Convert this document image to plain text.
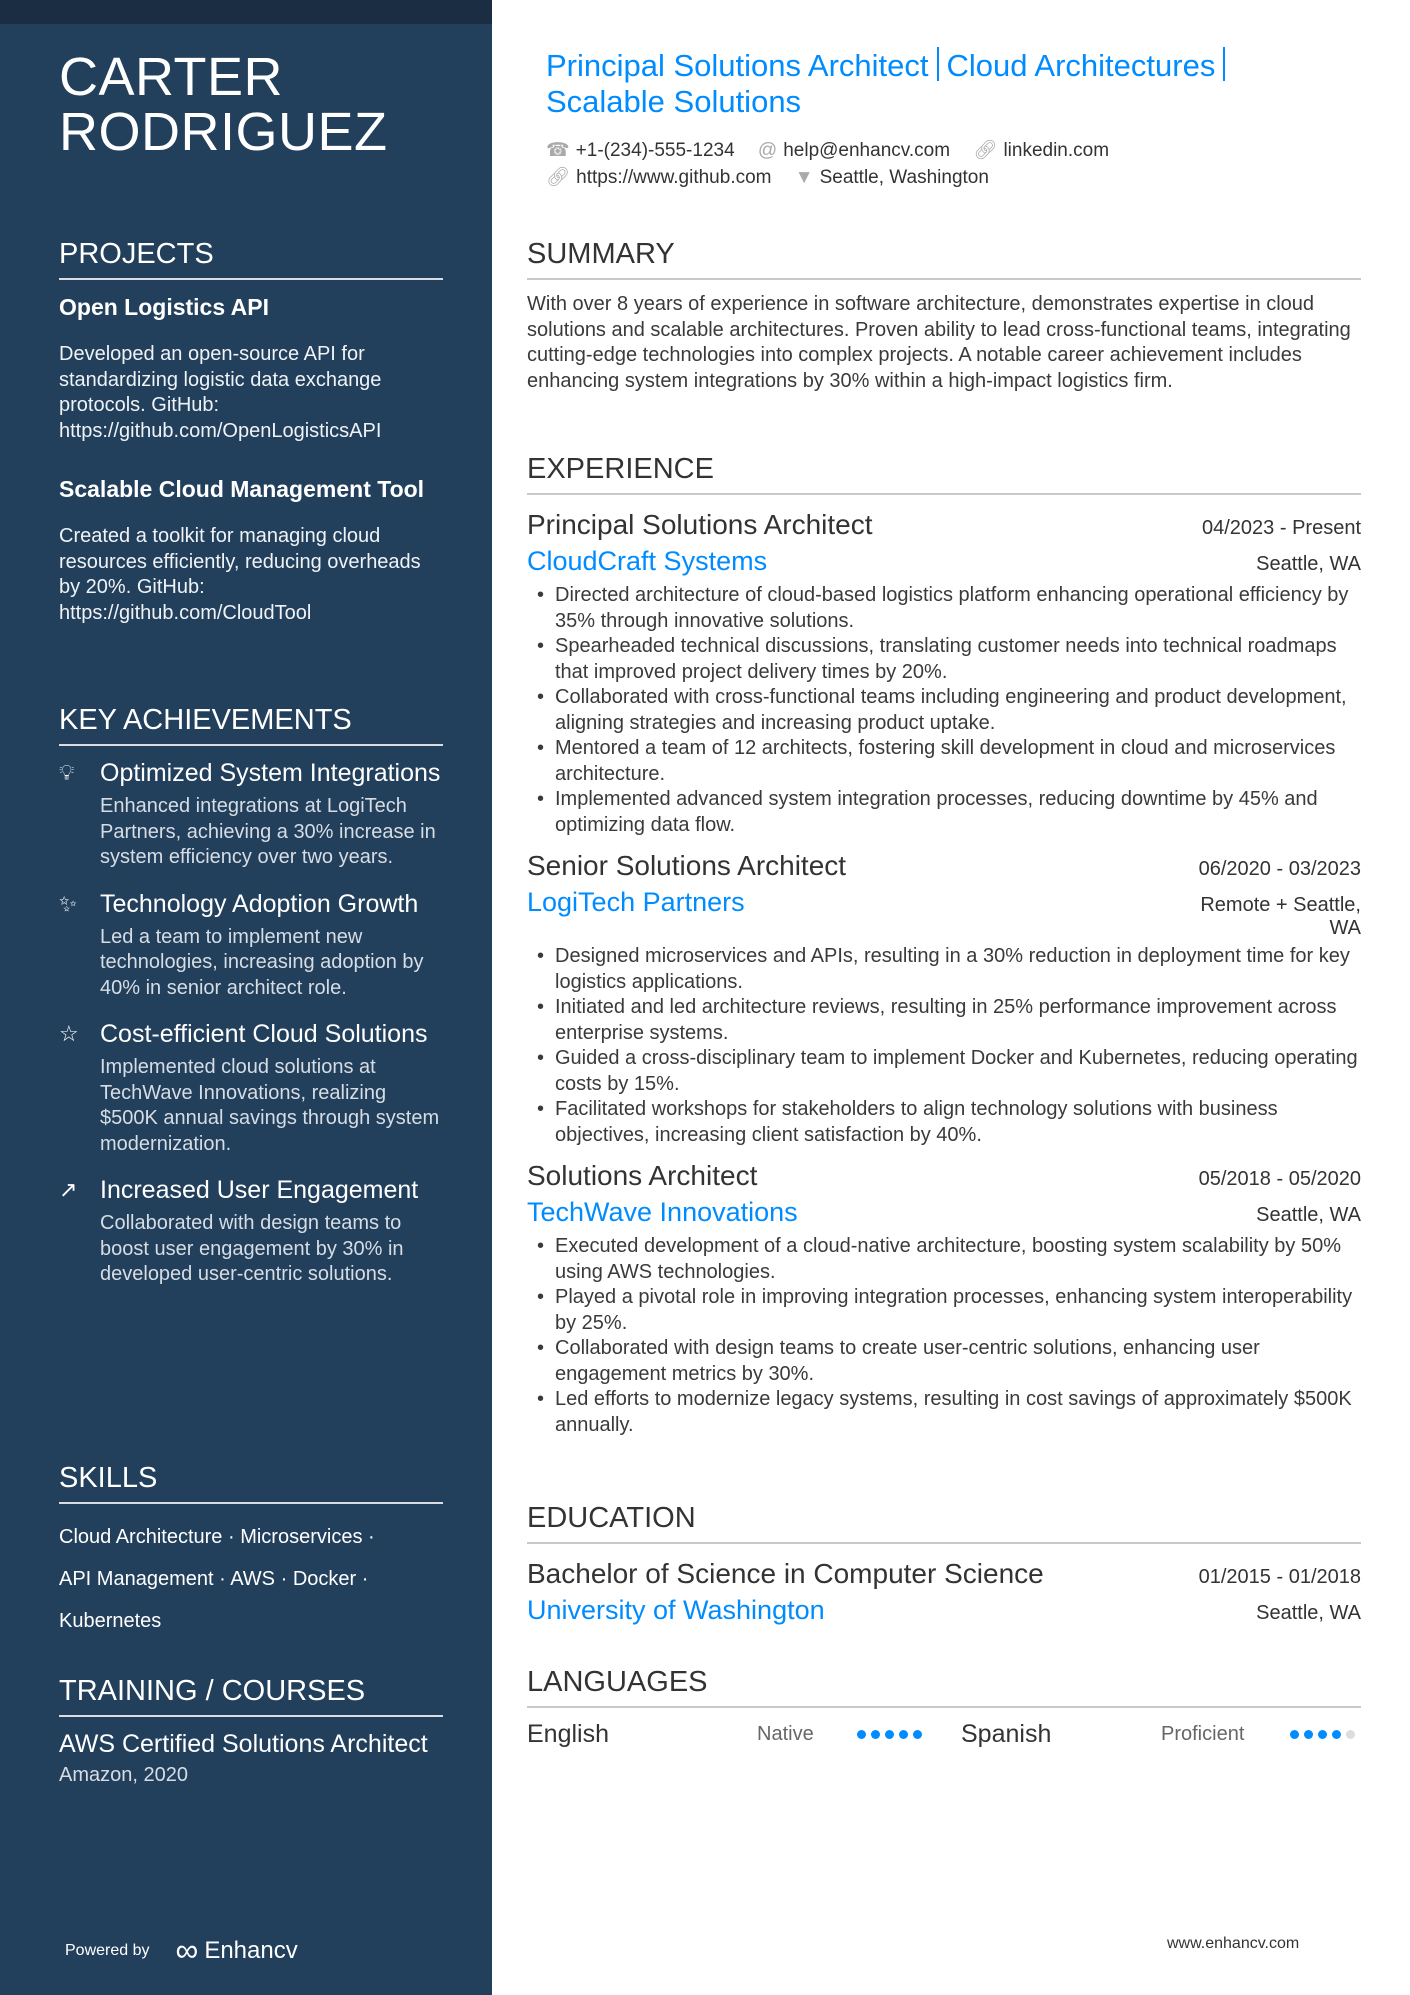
CARTER
RODRIGUEZ
PROJECTS
Open Logistics API
Developed an open-source API for standardizing logistic data exchange protocols. GitHub: https://github.com/OpenLogisticsAPI
Scalable Cloud Management Tool
Created a toolkit for managing cloud resources efficiently, reducing overheads by 20%. GitHub: https://github.com/CloudTool
KEY ACHIEVEMENTS
💡︎	Optimized System Integrations
Enhanced integrations at LogiTech Partners, achieving a 30% increase in system efficiency over two years.
✨︎ Technology Adoption Growth
Led a team to implement new technologies, increasing adoption by 40% in senior architect role.
☆ Cost-efficient Cloud Solutions
Implemented cloud solutions at TechWave Innovations, realizing $500K annual savings through system modernization.
↗ Increased User Engagement
Collaborated with design teams to boost user engagement by 30% in developed user-centric solutions.
SKILLS
Cloud Architecture · Microservices ·
API Management · AWS · Docker ·
Kubernetes
TRAINING / COURSES
AWS Certified Solutions Architect
Amazon, 2020
Powered by ∞ Enhancv
Principal Solutions Architect Cloud Architectures
Scalable Solutions
☎ +1-(234)-555-1234 @ help@enhancv.com 🔗︎ linkedin.com
🔗︎ https://www.github.com ▼ Seattle, Washington
SUMMARY
With over 8 years of experience in software architecture, demonstrates expertise in cloud solutions and scalable architectures. Proven ability to lead cross-functional teams, integrating cutting-edge technologies into complex projects. A notable career achievement includes enhancing system integrations by 30% within a high-impact logistics firm.
EXPERIENCE
Principal Solutions Architect	04/2023 - Present
CloudCraft Systems	Seattle, WA
• Directed architecture of cloud-based logistics platform enhancing operational efficiency by 35% through innovative solutions.
• Spearheaded technical discussions, translating customer needs into technical roadmaps that improved project delivery times by 20%.
• Collaborated with cross-functional teams including engineering and product development, aligning strategies and increasing product uptake.
• Mentored a team of 12 architects, fostering skill development in cloud and microservices architecture.
• Implemented advanced system integration processes, reducing downtime by 45% and optimizing data flow.
Senior Solutions Architect	06/2020 - 03/2023
LogiTech Partners	Remote + Seattle, WA
• Designed microservices and APIs, resulting in a 30% reduction in deployment time for key logistics applications.
• Initiated and led architecture reviews, resulting in 25% performance improvement across enterprise systems.
• Guided a cross-disciplinary team to implement Docker and Kubernetes, reducing operating costs by 15%.
• Facilitated workshops for stakeholders to align technology solutions with business objectives, increasing client satisfaction by 40%.
Solutions Architect	05/2018 - 05/2020
TechWave Innovations	Seattle, WA
• Executed development of a cloud-native architecture, boosting system scalability by 50% using AWS technologies.
• Played a pivotal role in improving integration processes, enhancing system interoperability by 25%.
• Collaborated with design teams to create user-centric solutions, enhancing user engagement metrics by 30%.
• Led efforts to modernize legacy systems, resulting in cost savings of approximately $500K annually.
EDUCATION
Bachelor of Science in Computer Science	01/2015 - 01/2018
University of Washington	Seattle, WA
LANGUAGES
English	Native	Spanish	Proficient
www.enhancv.com
